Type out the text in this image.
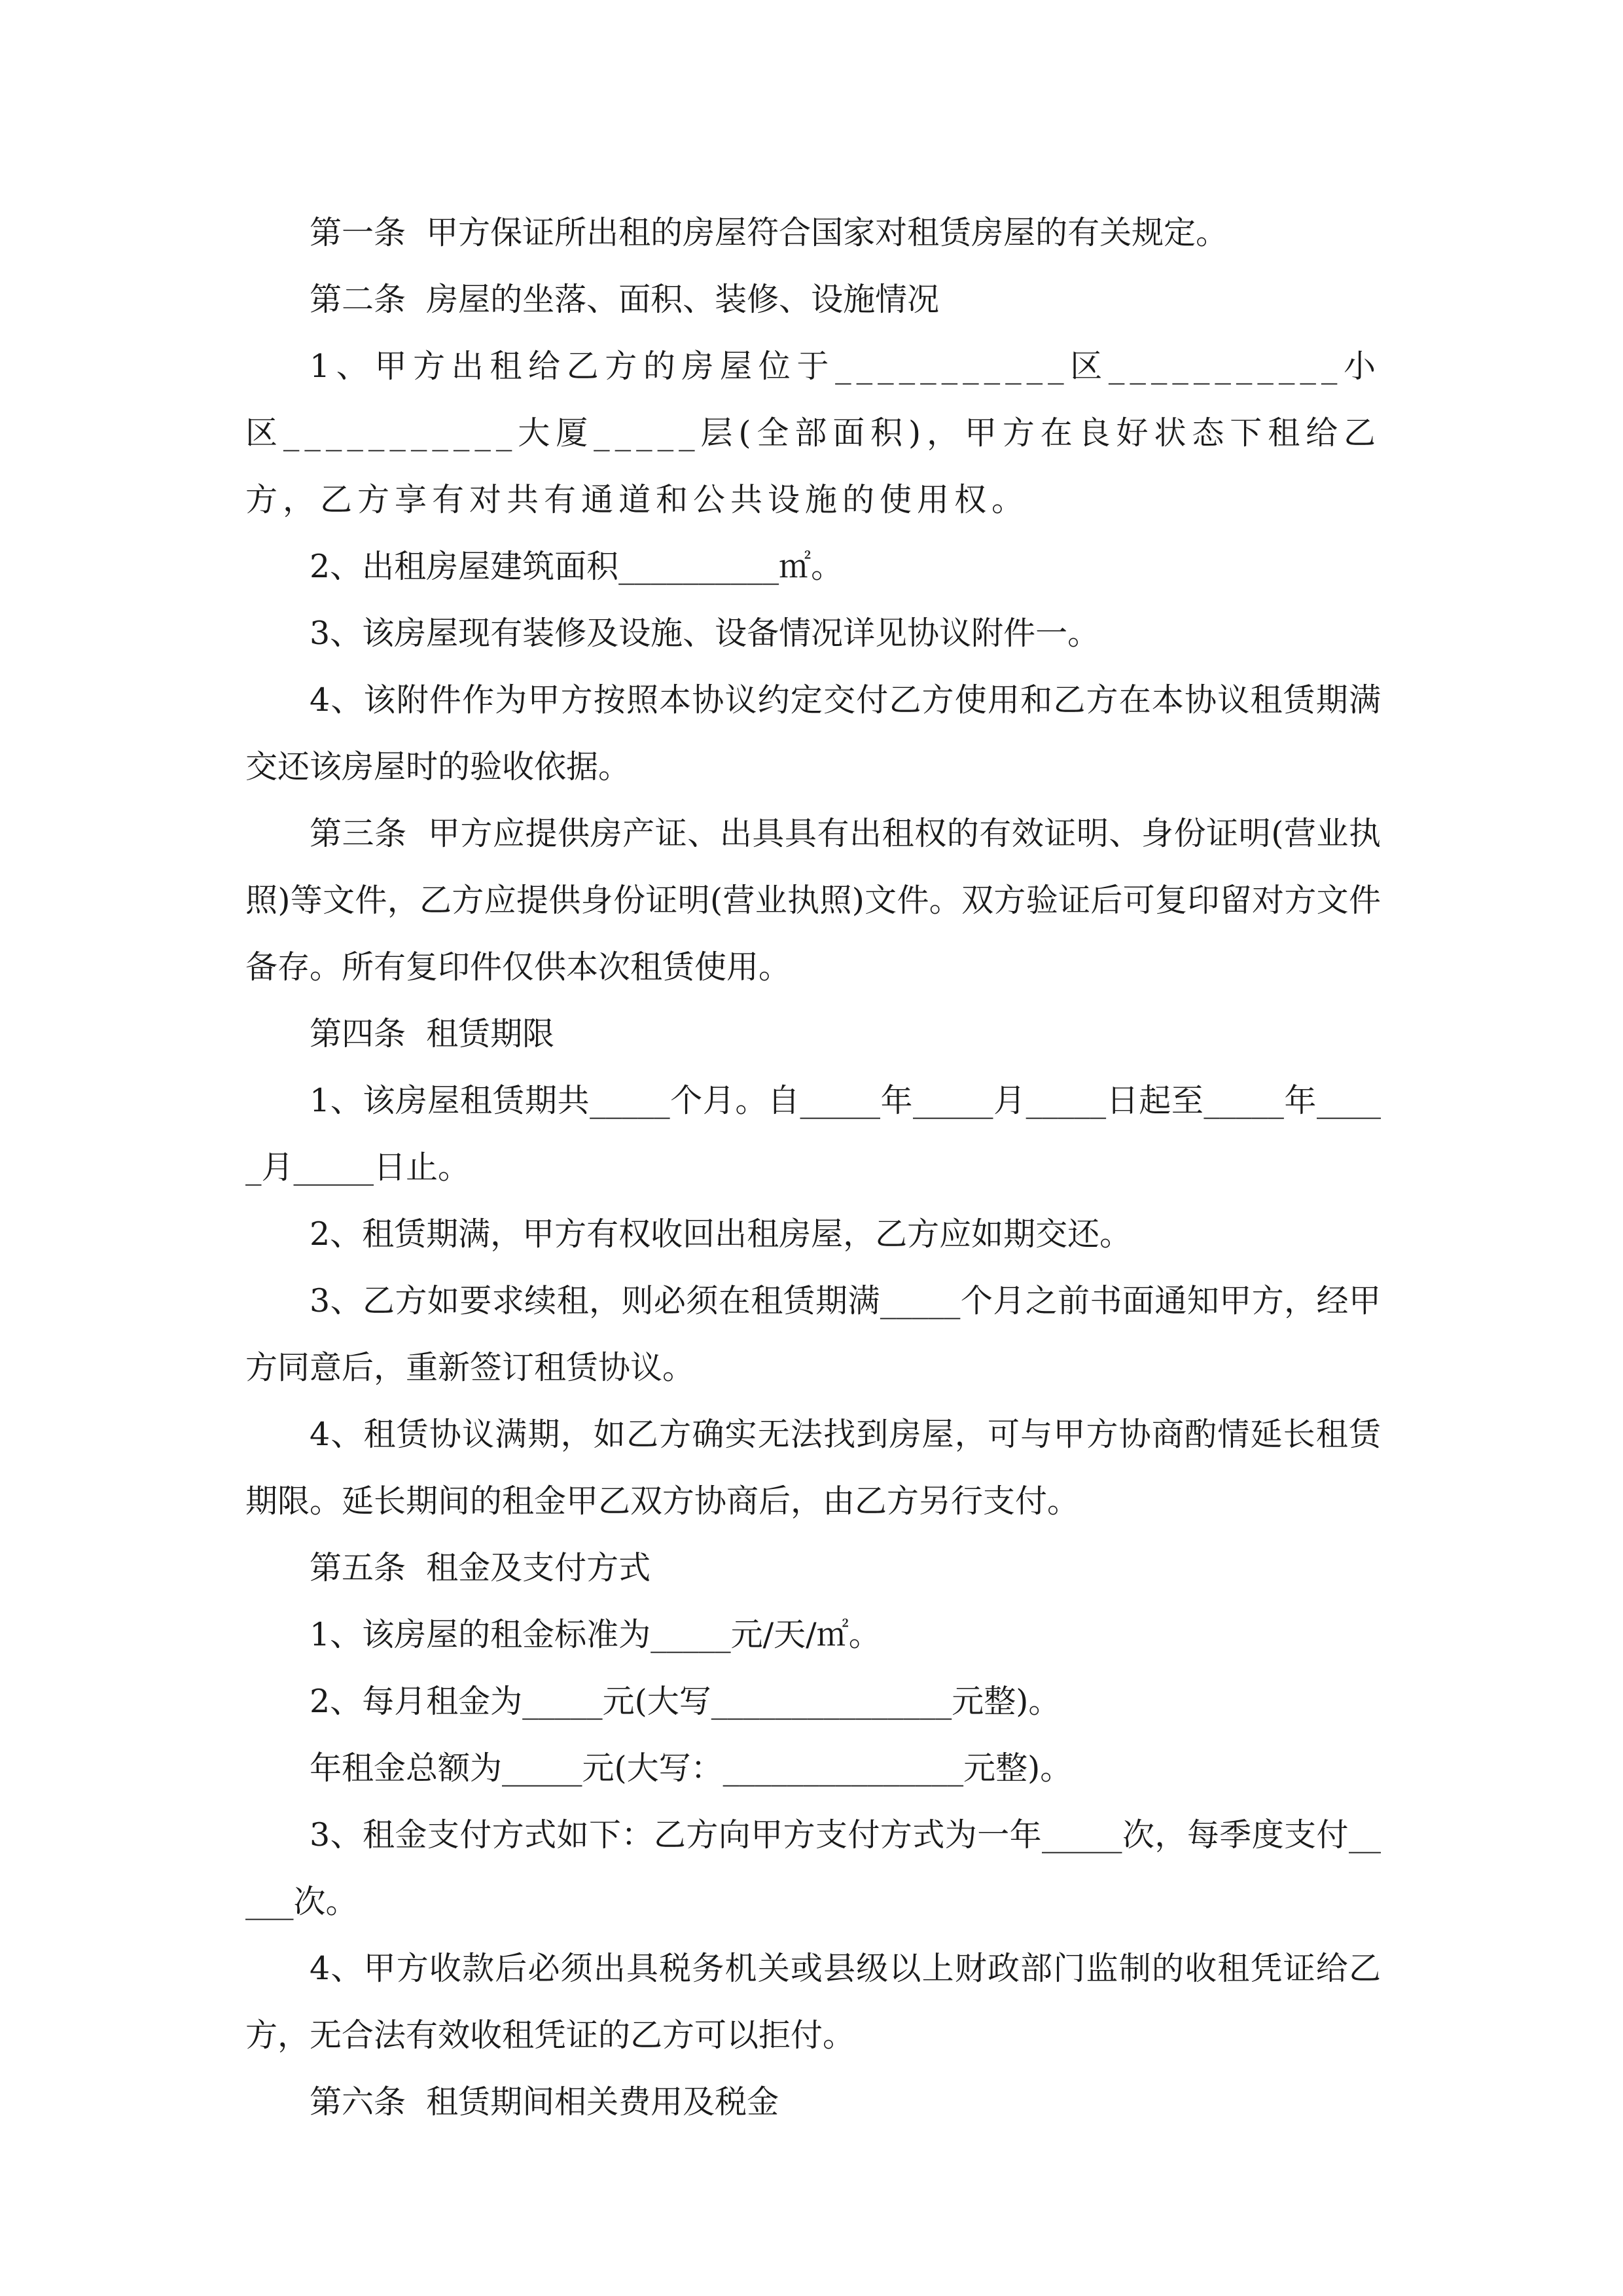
第一条  甲方保证所出租的房屋符合国家对租赁房屋的有关规定。

第二条  房屋的坐落、面积、装修、设施情况

1、甲方出租给乙方的房屋位于___________区___________小区___________大厦_____层(全部面积)，甲方在良好状态下租给乙方，乙方享有对共有通道和公共设施的使用权。

2、出租房屋建筑面积__________㎡。

3、该房屋现有装修及设施、设备情况详见协议附件一。

4、该附件作为甲方按照本协议约定交付乙方使用和乙方在本协议租赁期满交还该房屋时的验收依据。

第三条  甲方应提供房产证、出具具有出租权的有效证明、身份证明(营业执照)等文件，乙方应提供身份证明(营业执照)文件。双方验证后可复印留对方文件备存。所有复印件仅供本次租赁使用。

第四条  租赁期限

1、该房屋租赁期共_____个月。自_____年_____月_____日起至_____年_____月_____日止。

2、租赁期满，甲方有权收回出租房屋，乙方应如期交还。

3、乙方如要求续租，则必须在租赁期满_____个月之前书面通知甲方，经甲方同意后，重新签订租赁协议。

4、租赁协议满期，如乙方确实无法找到房屋，可与甲方协商酌情延长租赁期限。延长期间的租金甲乙双方协商后，由乙方另行支付。

第五条  租金及支付方式

1、该房屋的租金标准为_____元/天/㎡。

2、每月租金为_____元(大写_______________元整)。

年租金总额为_____元(大写：_______________元整)。

3、租金支付方式如下：乙方向甲方支付方式为一年_____次，每季度支付_____次。

4、甲方收款后必须出具税务机关或县级以上财政部门监制的收租凭证给乙方，无合法有效收租凭证的乙方可以拒付。

第六条  租赁期间相关费用及税金
